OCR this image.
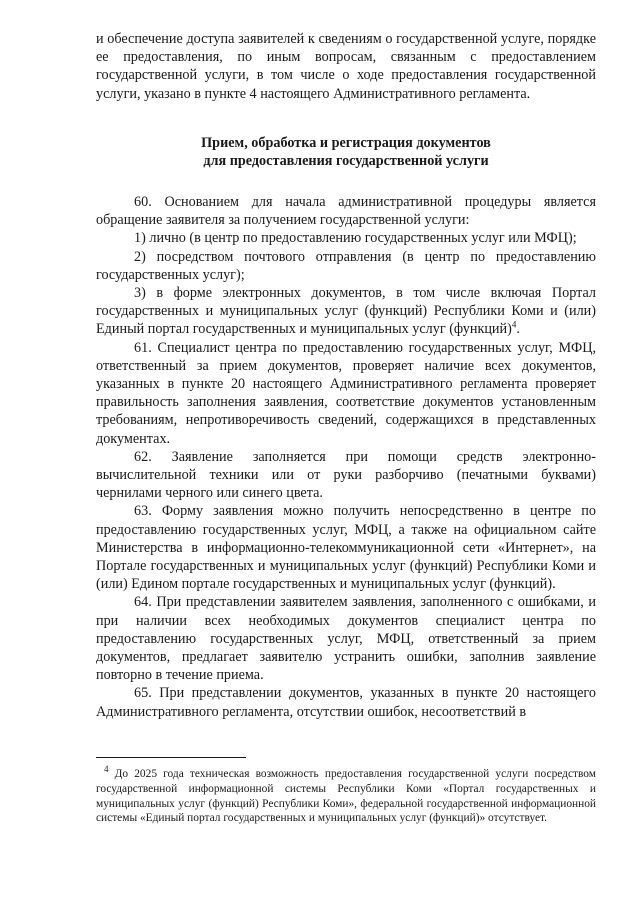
и обеспечение доступа заявителей к сведениям о государственной услуге, порядке ее предоставления, по иным вопросам, связанным с предоставлением государственной услуги, в том числе о ходе предоставления государственной услуги, указано в пункте 4 настоящего Административного регламента.

Прием, обработка и регистрация документов
для предоставления государственной услуги

60. Основанием для начала административной процедуры является обращение заявителя за получением государственной услуги:

1) лично (в центр по предоставлению государственных услуг или МФЦ);

2) посредством почтового отправления (в центр по предоставлению государственных услуг);

3) в форме электронных документов, в том числе включая Портал государственных и муниципальных услуг (функций) Республики Коми и (или) Единый портал государственных и муниципальных услуг (функций)$^4$.

61. Специалист центра по предоставлению государственных услуг, МФЦ, ответственный за прием документов, проверяет наличие всех документов, указанных в пункте 20 настоящего Административного регламента проверяет правильность заполнения заявления, соответствие документов установленным требованиям, непротиворечивость сведений, содержащихся в представленных документах.

62. Заявление заполняется при помощи средств электронно-вычислительной техники или от руки разборчиво (печатными буквами) чернилами черного или синего цвета.

63. Форму заявления можно получить непосредственно в центре по предоставлению государственных услуг, МФЦ, а также на официальном сайте Министерства в информационно-телекоммуникационной сети «Интернет», на Портале государственных и муниципальных услуг (функций) Республики Коми и (или) Едином портале государственных и муниципальных услуг (функций).

64. При представлении заявителем заявления, заполненного с ошибками, и при наличии всех необходимых документов специалист центра по предоставлению государственных услуг, МФЦ, ответственный за прием документов, предлагает заявителю устранить ошибки, заполнив заявление повторно в течение приема.

65. При представлении документов, указанных в пункте 20 настоящего Административного регламента, отсутствии ошибок, несоответствий в

$^4$ До 2025 года техническая возможность предоставления государственной услуги посредством государственной информационной системы Республики Коми «Портал государственных и муниципальных услуг (функций) Республики Коми», федеральной государственной информационной системы «Единый портал государственных и муниципальных услуг (функций)» отсутствует.
